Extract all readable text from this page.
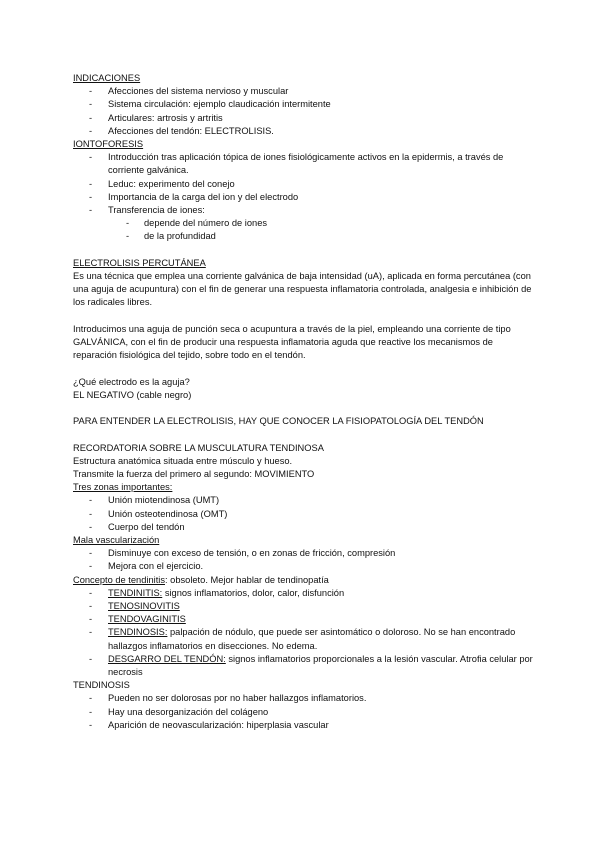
INDICACIONES
- Afecciones del sistema nervioso y muscular
- Sistema circulación: ejemplo claudicación intermitente
- Articulares: artrosis y artritis
- Afecciones del tendón: ELECTROLISIS.
IONTOFORESIS
- Introducción tras aplicación tópica de iones fisiológicamente activos en la epidermis, a través de corriente galvánica.
- Leduc: experimento del conejo
- Importancia de la carga del ion y del electrodo
- Transferencia de iones:
- depende del número de iones
- de la profundidad
ELECTROLISIS PERCUTÁNEA
Es una técnica que emplea una corriente galvánica de baja intensidad (uA), aplicada en forma percutánea (con una aguja de acupuntura) con el fin de generar una respuesta inflamatoria controlada, analgesia e inhibición de los radicales libres.
Introducimos una aguja de punción seca o acupuntura a través de la piel, empleando una corriente de tipo GALVÁNICA, con el fin de producir una respuesta inflamatoria aguda que reactive los mecanismos de reparación fisiológica del tejido, sobre todo en el tendón.
¿Qué electrodo es la aguja?
EL NEGATIVO (cable negro)
PARA ENTENDER LA ELECTROLISIS, HAY QUE CONOCER LA FISIOPATOLOGÍA DEL TENDÓN
RECORDATORIA SOBRE LA MUSCULATURA TENDINOSA
Estructura anatómica situada entre músculo y hueso.
Transmite la fuerza del primero al segundo: MOVIMIENTO
Tres zonas importantes:
- Unión miotendinosa (UMT)
- Unión osteotendinosa (OMT)
- Cuerpo del tendón
Mala vascularización
- Disminuye con exceso de tensión, o en zonas de fricción, compresión
- Mejora con el ejercicio.
Concepto de tendinitis: obsoleto. Mejor hablar de tendinopatía
- TENDINITIS: signos inflamatorios, dolor, calor, disfunción
- TENOSINOVITIS
- TENDOVAGINITIS
- TENDINOSIS: palpación de nódulo, que puede ser asintomático o doloroso. No se han encontrado hallazgos inflamatorios en disecciones. No edema.
- DESGARRO DEL TENDÓN: signos inflamatorios proporcionales a la lesión vascular. Atrofia celular por necrosis
TENDINOSIS
- Pueden no ser dolorosas por no haber hallazgos inflamatorios.
- Hay una desorganización del colágeno
- Aparición de neovascularización: hiperplasia vascular
